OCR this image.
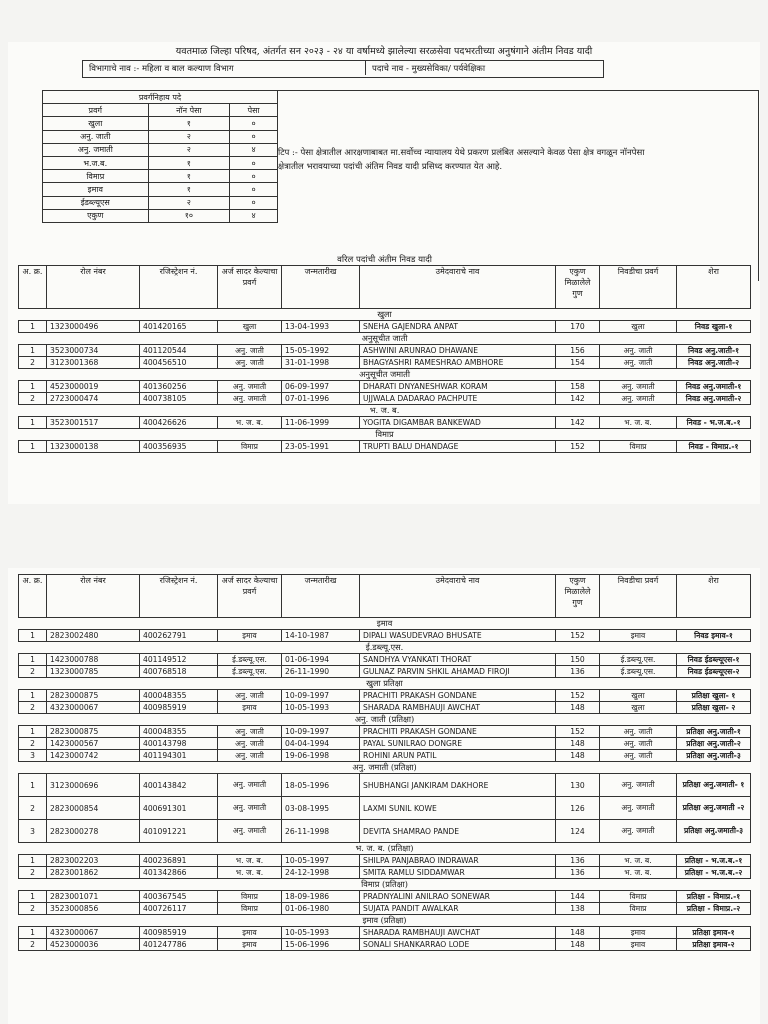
यवतमाळ जिल्हा परिषद, अंतर्गत सन २०२३ - २४ या वर्षामध्ये झालेल्या सरळसेवा पदभरतीच्या अनुषंगाने अंतीम निवड यादी
विभागाचे नाव :- महिला व बाल कल्याण विभाग	पदाचे नाव - मुख्यसेविका/ पर्यवेक्षिका
प्रवर्गनिहाय पदे		
प्रवर्ग	नॉन पेसा	पेसा
खुला	१	०
अनु. जाती	२	०
अनु. जमाती	२	४
भ.ज.ब.	१	०
विमाप्र	१	०
इमाव	१	०
ईडब्ल्यूएस	२	०
एकुण	१०	४
टिप :- पेसा क्षेत्रातील आरक्षणाबाबत मा.सर्वोच्च न्यायालय येथे प्रकरण प्रलंबित असल्याने केवळ पेसा क्षेत्र वगळून नॉनपेसा क्षेत्रातील भरावयाच्या पदांची अंतिम निवड यादी प्रसिध्द करण्यात येत आहे.
वरिल पदांची अंतीम निवड यादी								
अ. क्र.	रोल नंबर	रजिस्ट्रेशन नं.	अर्ज सादर केल्याचा प्रवर्ग	जन्मतारीख	उमेदवाराचे नाव	एकुण मिळालेले गुण	निवडीचा प्रवर्ग	शेरा
खुला								
1	1323000496	401420165	खुला	13-04-1993	SNEHA GAJENDRA ANPAT	170	खुला	निवड खुला-१
अनुसूचीत जाती								
1	3523000734	401120544	अनु. जाती	15-05-1992	ASHWINI ARUNRAO DHAWANE	156	अनु. जाती	निवड अनु.जाती-१
2	3123001368	400456510	अनु. जाती	31-01-1998	BHAGYASHRI RAMESHRAO AMBHORE	154	अनु. जाती	निवड अनु.जाती-२
अनुसूचीत जमाती								
1	4523000019	401360256	अनु. जमाती	06-09-1997	DHARATI DNYANESHWAR KORAM	158	अनु. जमाती	निवड अनु.जमाती-१
2	2723000474	400738105	अनु. जमाती	07-01-1996	UJJWALA DADARAO PACHPUTE	142	अनु. जमाती	निवड अनु.जमाती-२
भ. ज. ब.								
1	3523001517	400426626	भ. ज. ब.	11-06-1999	YOGITA DIGAMBAR BANKEWAD	142	भ. ज. ब.	निवड - भ.ज.ब.-१
विमाप्र								
1	1323000138	400356935	विमाप्र	23-05-1991	TRUPTI BALU DHANDAGE	152	विमाप्र	निवड - विमाप्र.-१
अ. क्र.	रोल नंबर	रजिस्ट्रेशन नं.	अर्ज सादर केल्याचा प्रवर्ग	जन्मतारीख	उमेदवाराचे नाव	एकुण मिळालेले गुण	निवडीचा प्रवर्ग	शेरा
इमाव								
1	2823002480	400262791	इमाव	14-10-1987	DIPALI WASUDEVRAO BHUSATE	152	इमाव	निवड इमाव-१
ई.डब्ल्यू.एस.								
1	1423000788	401149512	ई.डब्ल्यू.एस.	01-06-1994	SANDHYA VYANKATI THORAT	150	ई.डब्ल्यू.एस.	निवड ईडब्ल्यूएस-१
2	1323000785	400768518	ई.डब्ल्यू.एस.	26-11-1990	GULNAZ PARVIN SHKIL AHAMAD FIROJI	136	ई.डब्ल्यू.एस.	निवड ईडब्ल्यूएस-२
खुला प्रतिक्षा								
1	2823000875	400048355	अनु. जाती	10-09-1997	PRACHITI PRAKASH GONDANE	152	खुला	प्रतिक्षा खुला- १
2	4323000067	400985919	इमाव	10-05-1993	SHARADA RAMBHAUJI AWCHAT	148	खुला	प्रतिक्षा खुला- २
अनु. जाती (प्रतिक्षा)								
1	2823000875	400048355	अनु. जाती	10-09-1997	PRACHITI PRAKASH GONDANE	152	अनु. जाती	प्रतिक्षा अनु.जाती-१
2	1423000567	400143798	अनु. जाती	04-04-1994	PAYAL SUNILRAO DONGRE	148	अनु. जाती	प्रतिक्षा अनु.जाती-२
3	1423000742	401194301	अनु. जाती	19-06-1998	ROHINI ARUN PATIL	148	अनु. जाती	प्रतिक्षा अनु.जाती-३
अनु. जमाती (प्रतिक्षा)								
1	3123000696	400143842	अनु. जमाती	18-05-1996	SHUBHANGI JANKIRAM DAKHORE	130	अनु. जमाती	प्रतिक्षा अनु.जमाती- १
2	2823000854	400691301	अनु. जमाती	03-08-1995	LAXMI SUNIL KOWE	126	अनु. जमाती	प्रतिक्षा अनु.जमाती -२
3	2823000278	401091221	अनु. जमाती	26-11-1998	DEVITA SHAMRAO PANDE	124	अनु. जमाती	प्रतिक्षा अनु.जमाती-३
भ. ज. ब. (प्रतिक्षा)								
1	2823002203	400236891	भ. ज. ब.	10-05-1997	SHILPA PANJABRAO INDRAWAR	136	भ. ज. ब.	प्रतिक्षा - भ.ज.ब.-१
2	2823001862	401342866	भ. ज. ब.	24-12-1998	SMITA RAMLU SIDDAMWAR	136	भ. ज. ब.	प्रतिक्षा - भ.ज.ब.-२
विमाप्र (प्रतिक्षा)								
1	2823001071	400367545	विमाप्र	18-09-1986	PRADNYALINI ANILRAO SONEWAR	144	विमाप्र	प्रतिक्षा - विमाप्र.-१
2	3523000856	400726117	विमाप्र	01-06-1980	SUJATA PANDIT AWALKAR	138	विमाप्र	प्रतिक्षा - विमाप्र.-२
इमाव (प्रतिक्षा)								
1	4323000067	400985919	इमाव	10-05-1993	SHARADA RAMBHAUJI AWCHAT	148	इमाव	प्रतिक्षा इमाव-१
2	4523000036	401247786	इमाव	15-06-1996	SONALI SHANKARRAO LODE	148	इमाव	प्रतिक्षा इमाव-२
